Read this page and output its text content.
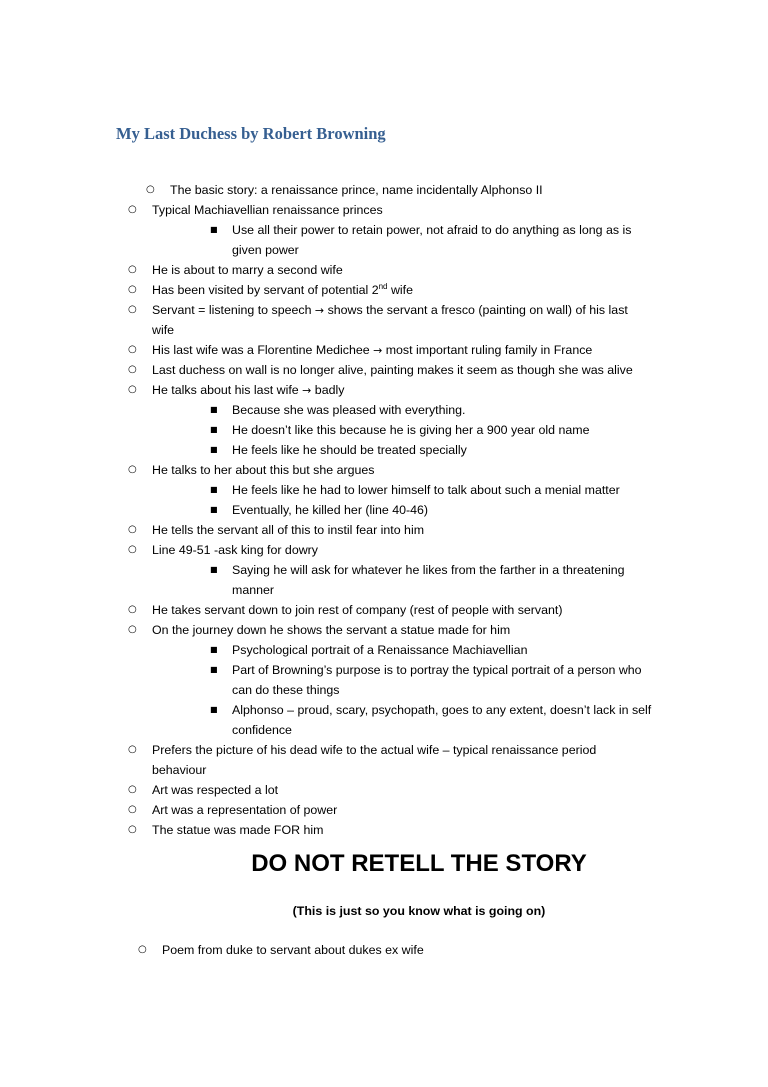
My Last Duchess by Robert Browning
○ The basic story: a renaissance prince, name incidentally Alphonso II
○ Typical Machiavellian renaissance princes
■ Use all their power to retain power, not afraid to do anything as long as is
given power
○ He is about to marry a second wife
○ Has been visited by servant of potential 2nd wife
○ Servant = listening to speech → shows the servant a fresco (painting on wall) of his last
wife
○ His last wife was a Florentine Medichee → most important ruling family in France
○ Last duchess on wall is no longer alive, painting makes it seem as though she was alive
○ He talks about his last wife → badly
■ Because she was pleased with everything.
■ He doesn’t like this because he is giving her a 900 year old name
■ He feels like he should be treated specially
○ He talks to her about this but she argues
■ He feels like he had to lower himself to talk about such a menial matter
■ Eventually, he killed her (line 40-46)
○ He tells the servant all of this to instil fear into him
○ Line 49-51 -ask king for dowry
■ Saying he will ask for whatever he likes from the farther in a threatening
manner
○ He takes servant down to join rest of company (rest of people with servant)
○ On the journey down he shows the servant a statue made for him
■ Psychological portrait of a Renaissance Machiavellian
■ Part of Browning’s purpose is to portray the typical portrait of a person who
can do these things
■ Alphonso – proud, scary, psychopath, goes to any extent, doesn’t lack in self
confidence
○ Prefers the picture of his dead wife to the actual wife – typical renaissance period
behaviour
○ Art was respected a lot
○ Art was a representation of power
○ The statue was made FOR him
DO NOT RETELL THE STORY
(This is just so you know what is going on)
○ Poem from duke to servant about dukes ex wife
